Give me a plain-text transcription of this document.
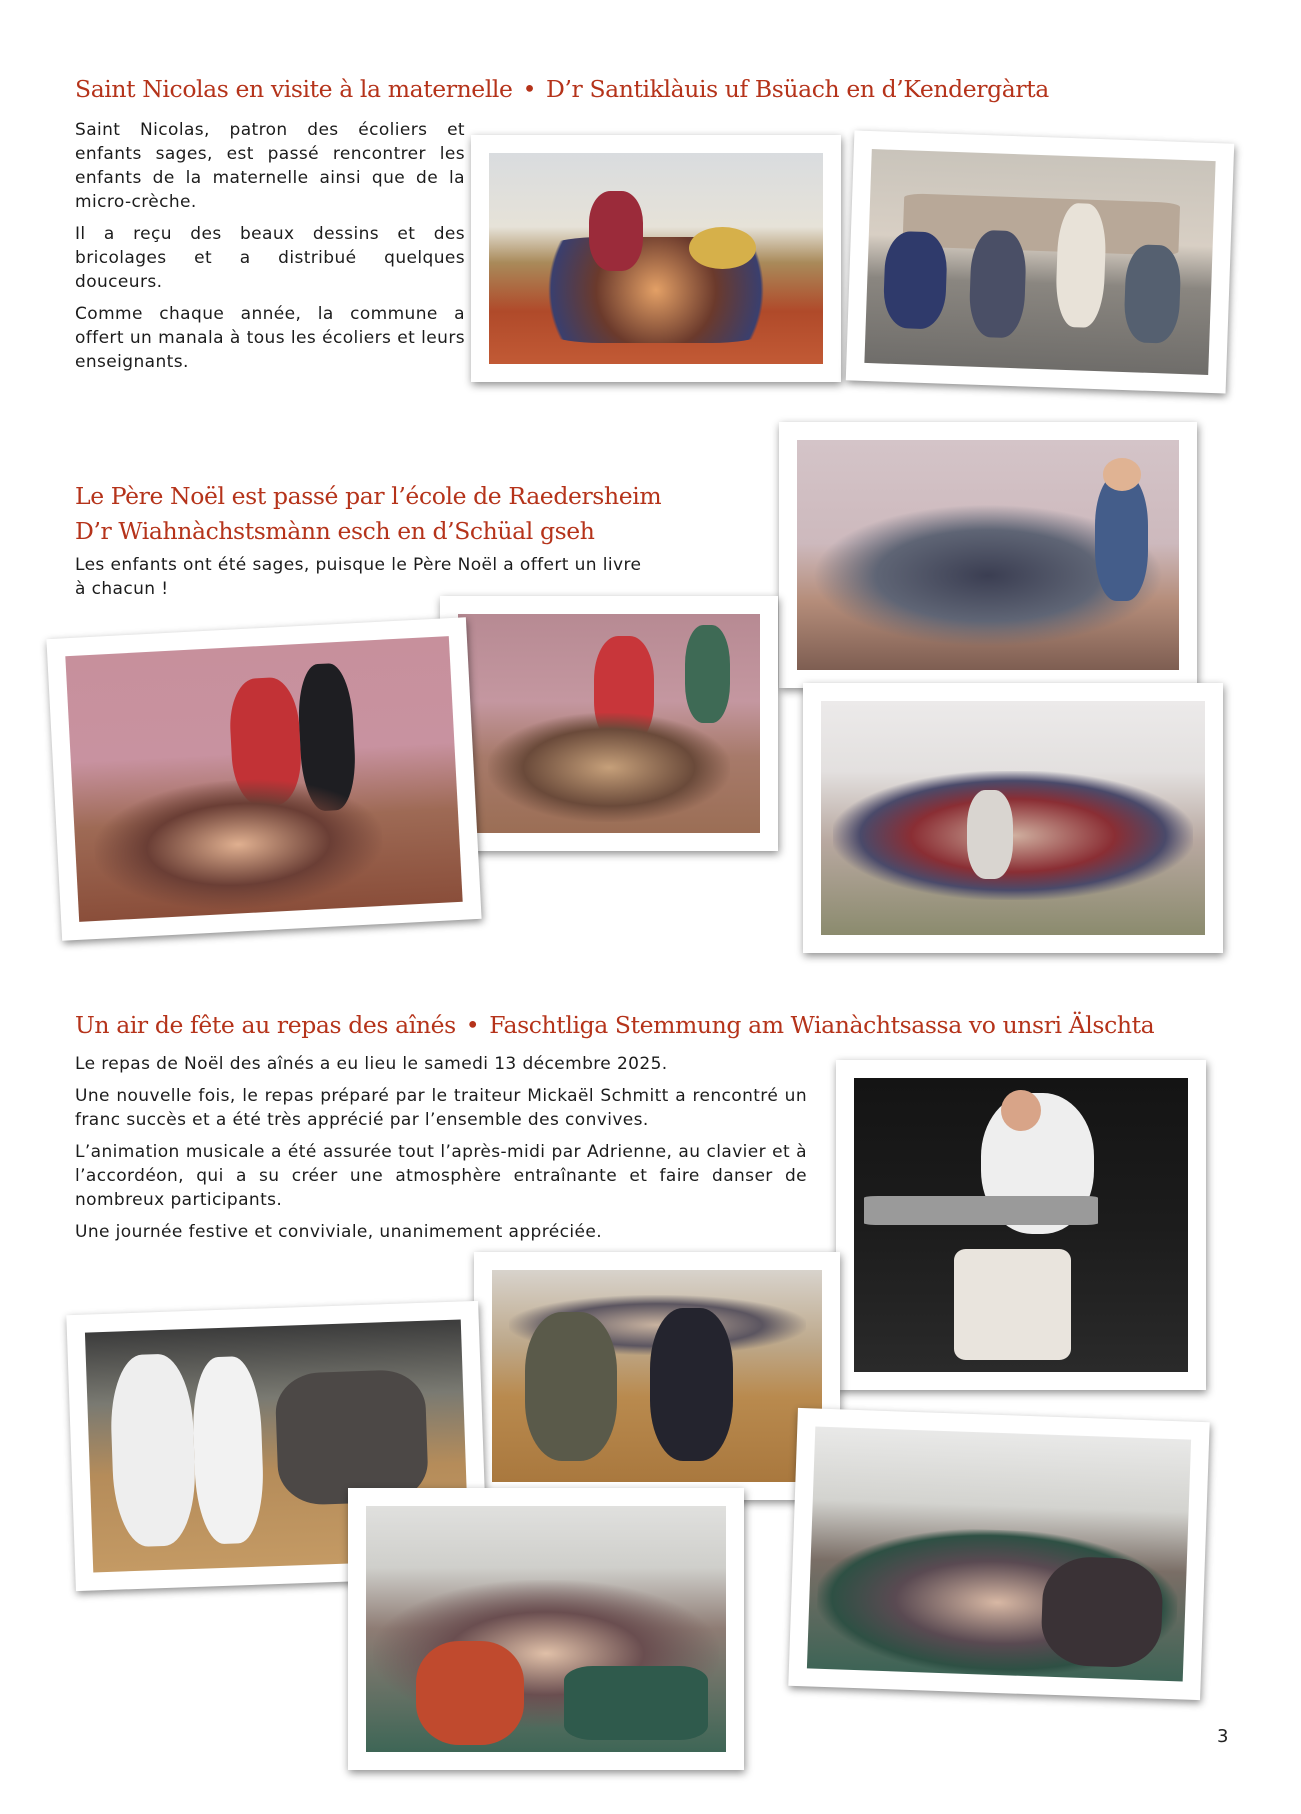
Saint Nicolas en visite à la maternelle • D’r Santiklàuis uf Bsüach en d’Kendergàrta

Saint Nicolas, patron des écoliers et enfants sages, est passé rencontrer les enfants de la maternelle ainsi que de la micro-crèche.

Il a reçu des beaux dessins et des bricolages et a distribué quelques douceurs.

Comme chaque année, la commune a offert un manala à tous les écoliers et leurs enseignants.

Le Père Noël est passé par l’école de Raedersheim
D’r Wiahnàchstsmànn esch en d’Schüal gseh

Les enfants ont été sages, puisque le Père Noël a offert un livre à chacun !

Un air de fête au repas des aînés • Faschtliga Stemmung am Wianàchtsassa vo unsri Älschta

Le repas de Noël des aînés a eu lieu le samedi 13 décembre 2025.

Une nouvelle fois, le repas préparé par le traiteur Mickaël Schmitt a rencontré un franc succès et a été très apprécié par l’ensemble des convives.

L’animation musicale a été assurée tout l’après-midi par Adrienne, au clavier et à l’accordéon, qui a su créer une atmosphère entraînante et faire danser de nombreux participants.

Une journée festive et conviviale, unanimement appréciée.

3
